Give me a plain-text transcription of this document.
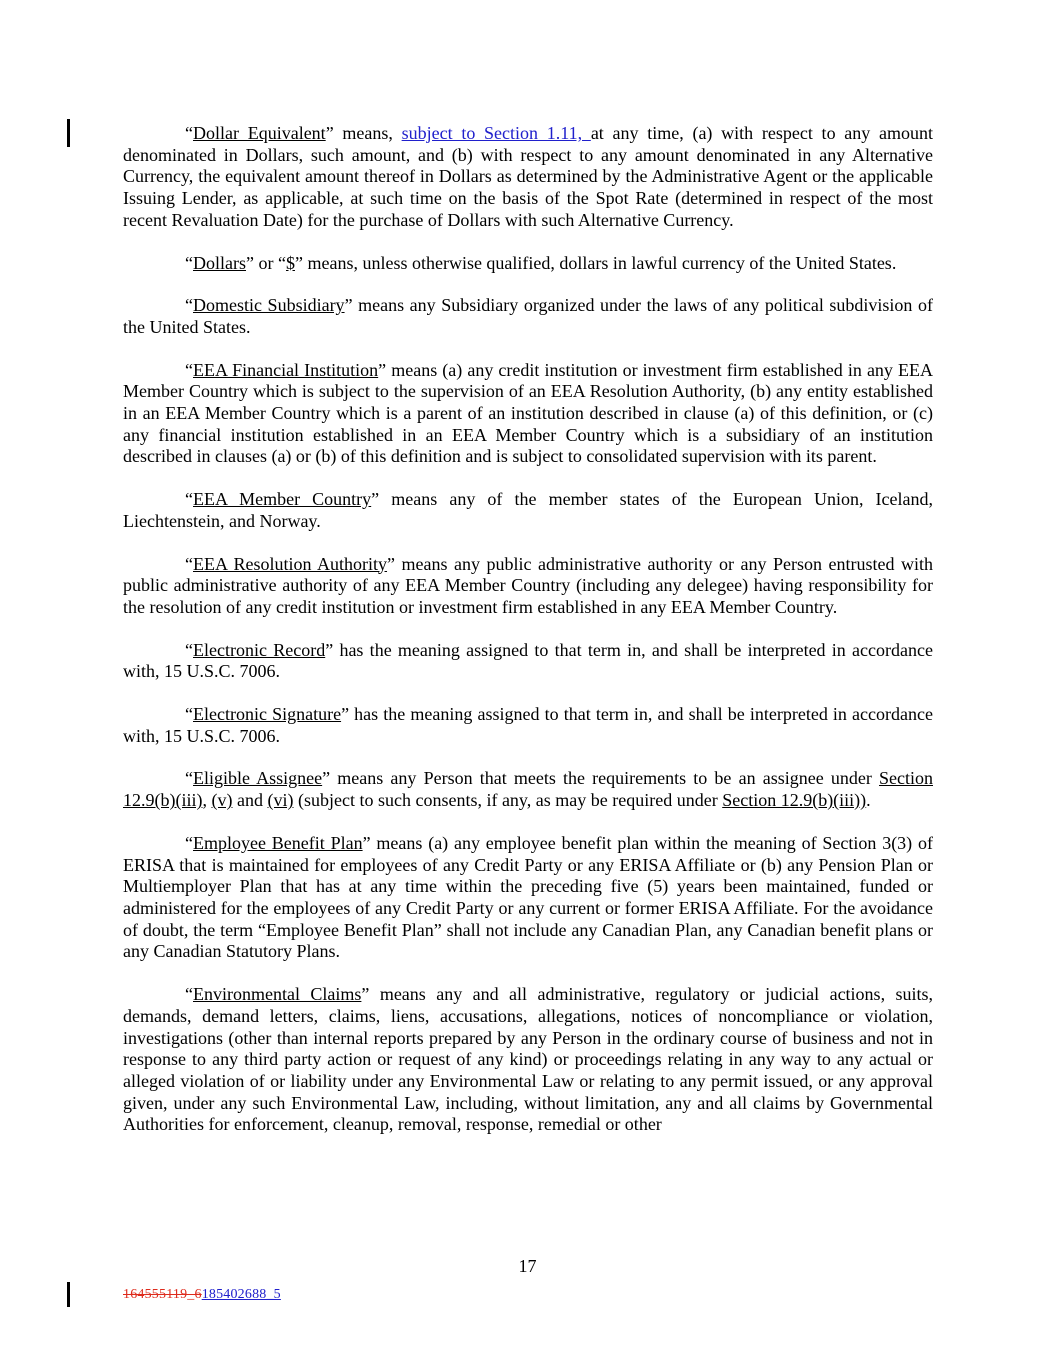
“Dollar Equivalent” means, subject to Section 1.11, at any time, (a) with respect to any amount denominated in Dollars, such amount, and (b) with respect to any amount denominated in any Alternative Currency, the equivalent amount thereof in Dollars as determined by the Administrative Agent or the applicable Issuing Lender, as applicable, at such time on the basis of the Spot Rate (determined in respect of the most recent Revaluation Date) for the purchase of Dollars with such Alternative Currency.

“Dollars” or “$” means, unless otherwise qualified, dollars in lawful currency of the United States.

“Domestic Subsidiary” means any Subsidiary organized under the laws of any political subdivision of the United States.

“EEA Financial Institution” means (a) any credit institution or investment firm established in any EEA Member Country which is subject to the supervision of an EEA Resolution Authority, (b) any entity established in an EEA Member Country which is a parent of an institution described in clause (a) of this definition, or (c) any financial institution established in an EEA Member Country which is a subsidiary of an institution described in clauses (a) or (b) of this definition and is subject to consolidated supervision with its parent.

“EEA Member Country” means any of the member states of the European Union, Iceland, Liechtenstein, and Norway.

“EEA Resolution Authority” means any public administrative authority or any Person entrusted with public administrative authority of any EEA Member Country (including any delegee) having responsibility for the resolution of any credit institution or investment firm established in any EEA Member Country.

“Electronic Record” has the meaning assigned to that term in, and shall be interpreted in accordance with, 15 U.S.C. 7006.

“Electronic Signature” has the meaning assigned to that term in, and shall be interpreted in accordance with, 15 U.S.C. 7006.

“Eligible Assignee” means any Person that meets the requirements to be an assignee under Section 12.9(b)(iii), (v) and (vi) (subject to such consents, if any, as may be required under Section 12.9(b)(iii)).

“Employee Benefit Plan” means (a) any employee benefit plan within the meaning of Section 3(3) of ERISA that is maintained for employees of any Credit Party or any ERISA Affiliate or (b) any Pension Plan or Multiemployer Plan that has at any time within the preceding five (5) years been maintained, funded or administered for the employees of any Credit Party or any current or former ERISA Affiliate. For the avoidance of doubt, the term “Employee Benefit Plan” shall not include any Canadian Plan, any Canadian benefit plans or any Canadian Statutory Plans.

“Environmental Claims” means any and all administrative, regulatory or judicial actions, suits, demands, demand letters, claims, liens, accusations, allegations, notices of noncompliance or violation, investigations (other than internal reports prepared by any Person in the ordinary course of business and not in response to any third party action or request of any kind) or proceedings relating in any way to any actual or alleged violation of or liability under any Environmental Law or relating to any permit issued, or any approval given, under any such Environmental Law, including, without limitation, any and all claims by Governmental Authorities for enforcement, cleanup, removal, response, remedial or other

17
164555119_6185402688_5
